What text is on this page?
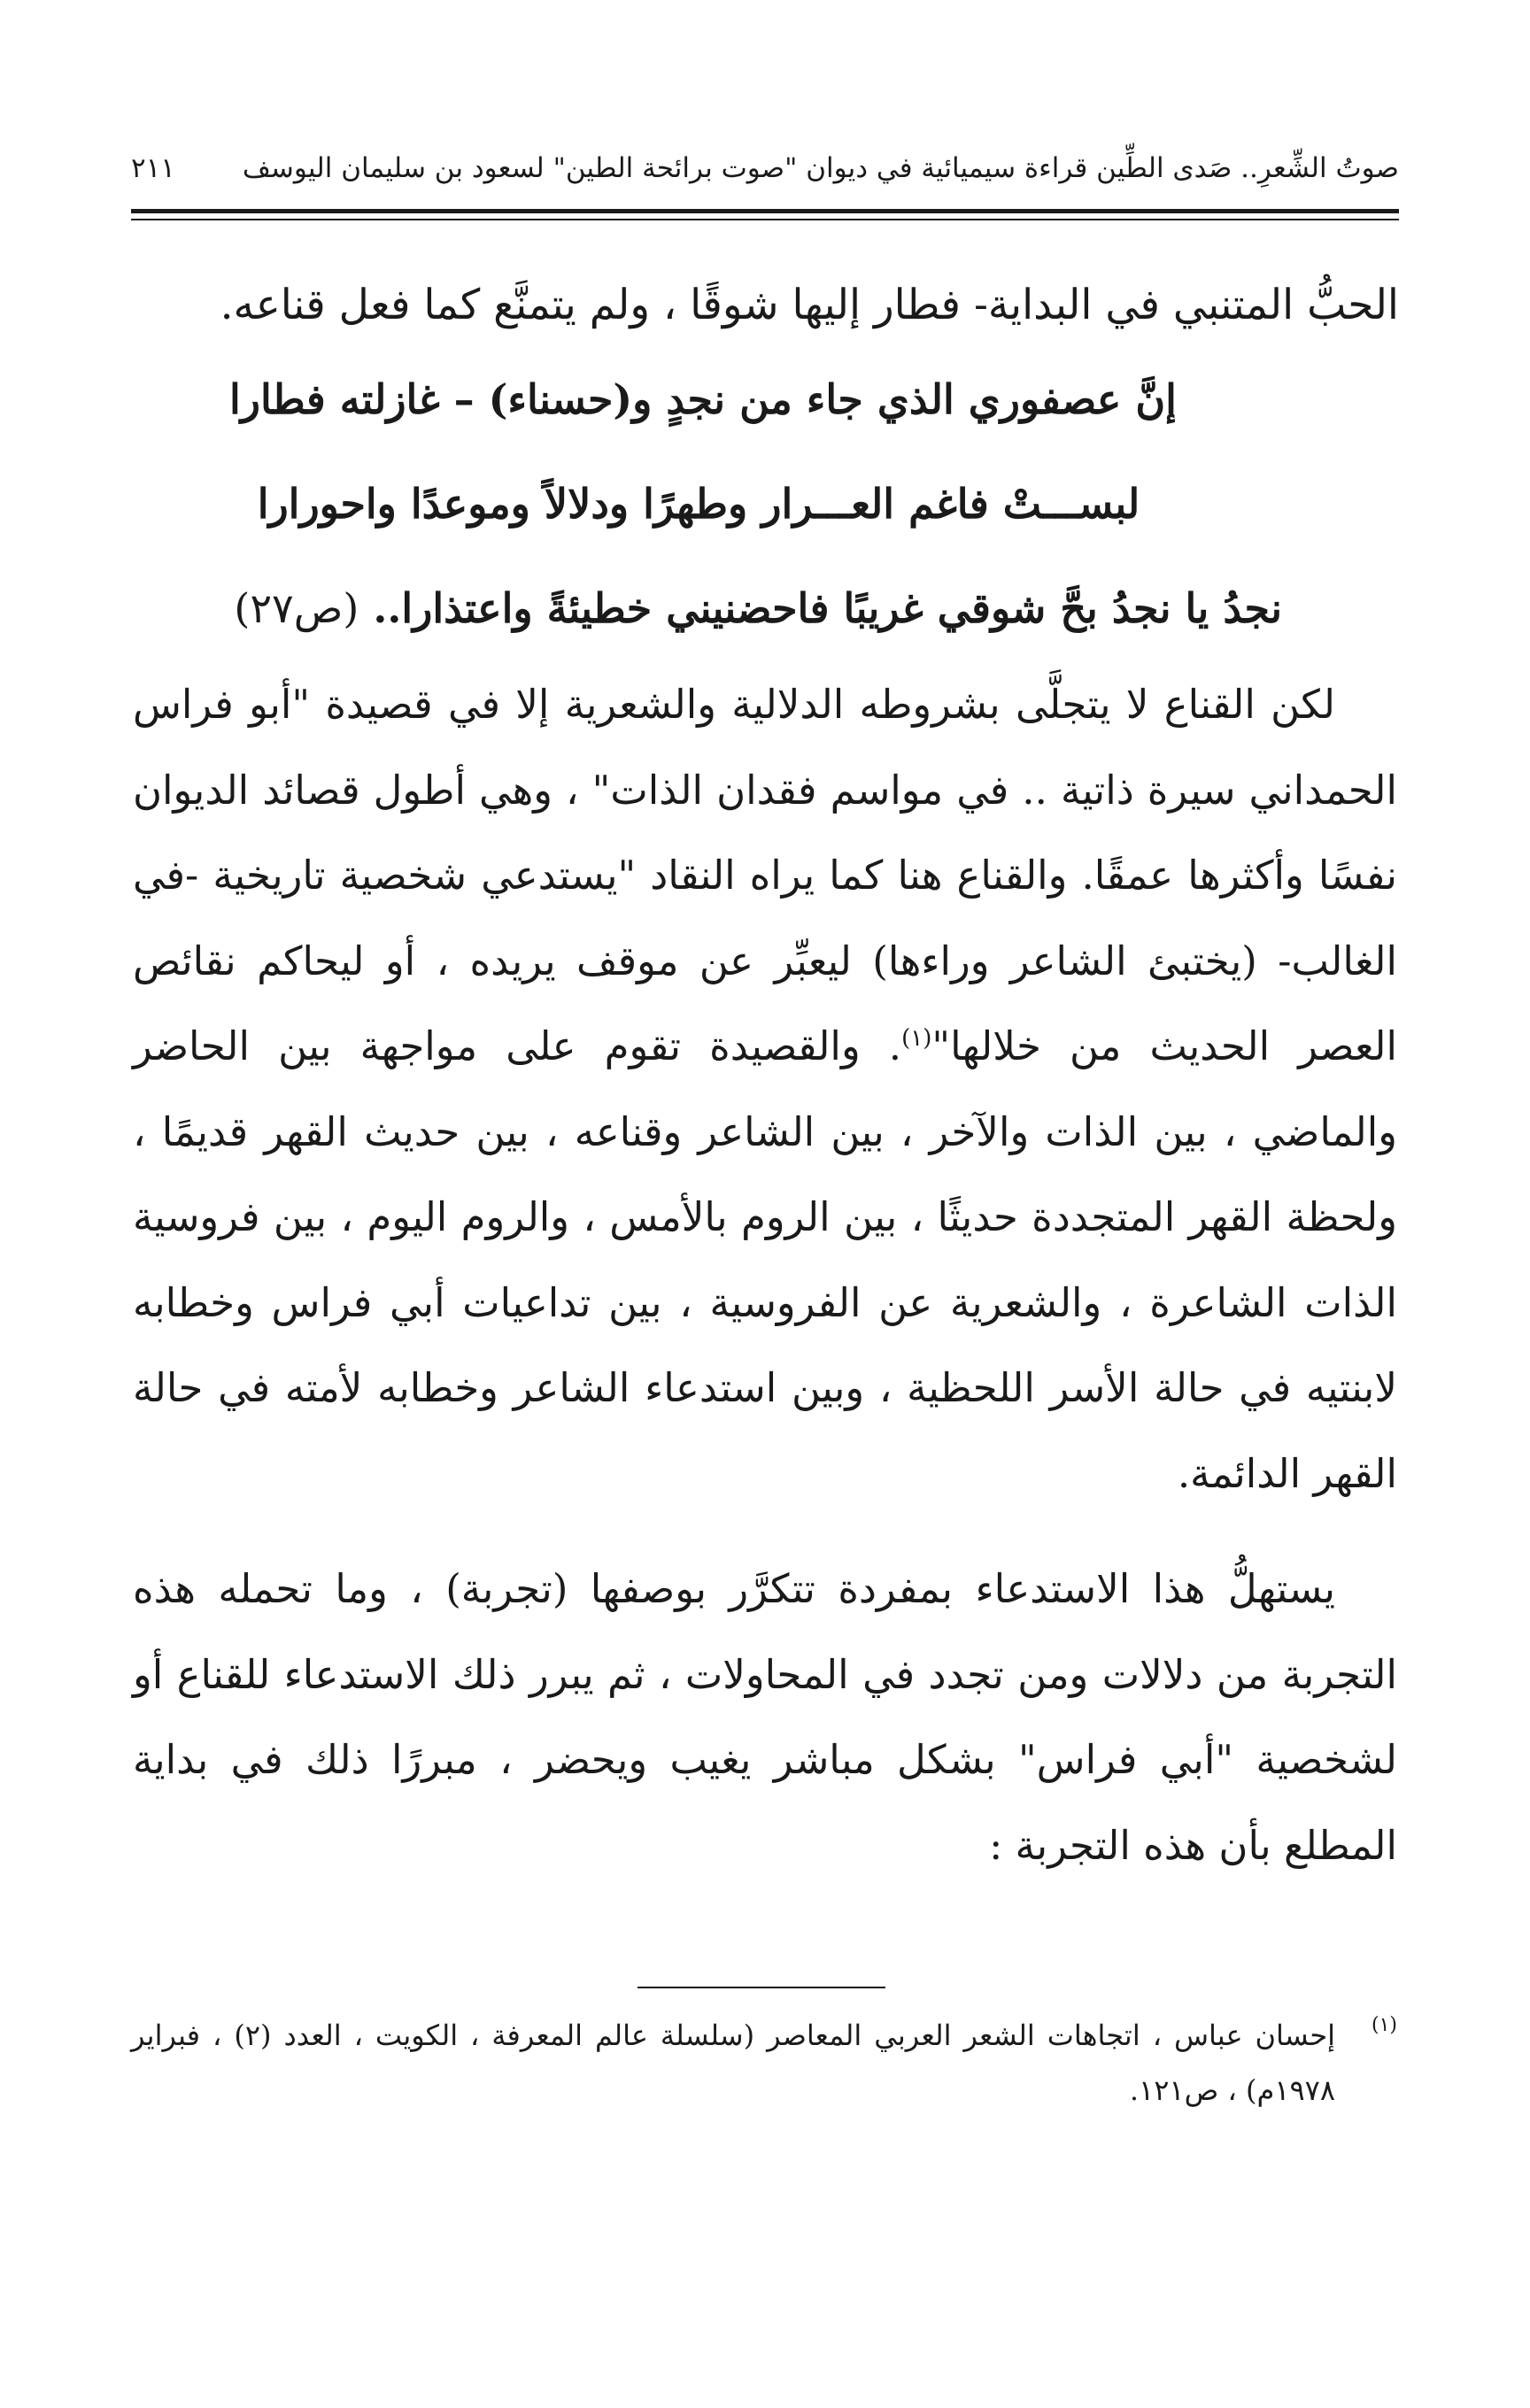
صوتُ الشِّعرِ.. صَدى الطِّين قراءة سيميائية في ديوان "صوت برائحة الطين" لسعود بن سليمان اليوسف
٢١١
الحبُّ المتنبي في البداية- فطار إليها شوقًا ، ولم يتمنَّع كما فعل قناعه.
إنَّ عصفوري الذي جاء من نجدٍ و(حسناء) – غازلته فطارا
لبســـتْ فاغم العـــرار وطهرًا ودلالاً وموعدًا واحورارا
نجدُ يا نجدُ بحَّ شوقي غريبًا فاحضنيني خطيئةً واعتذارا.. (ص٢٧)

لكن القناع لا يتجلَّى بشروطه الدلالية والشعرية إلا في قصيدة "أبو فراس الحمداني سيرة ذاتية .. في مواسم فقدان الذات" ، وهي أطول قصائد الديوان نفسًا وأكثرها عمقًا. والقناع هنا كما يراه النقاد "يستدعي شخصية تاريخية -في الغالب- (يختبئ الشاعر وراءها) ليعبِّر عن موقف يريده ، أو ليحاكم نقائص العصر الحديث من خلالها"$^{(١)}$. والقصيدة تقوم على مواجهة بين الحاضر والماضي ، بين الذات والآخر ، بين الشاعر وقناعه ، بين حديث القهر قديمًا ، ولحظة القهر المتجددة حديثًا ، بين الروم بالأمس ، والروم اليوم ، بين فروسية الذات الشاعرة ، والشعرية عن الفروسية ، بين تداعيات أبي فراس وخطابه لابنتيه في حالة الأسر اللحظية ، وبين استدعاء الشاعر وخطابه لأمته في حالة القهر الدائمة.

يستهلُّ هذا الاستدعاء بمفردة تتكرَّر بوصفها (تجربة) ، وما تحمله هذه التجربة من دلالات ومن تجدد في المحاولات ، ثم يبرر ذلك الاستدعاء للقناع أو لشخصية "أبي فراس" بشكل مباشر يغيب ويحضر ، مبررًا ذلك في بداية المطلع بأن هذه التجربة :

(١)
إحسان عباس ، اتجاهات الشعر العربي المعاصر (سلسلة عالم المعرفة ، الكويت ، العدد (٢) ، فبراير ١٩٧٨م) ، ص١٢١.
